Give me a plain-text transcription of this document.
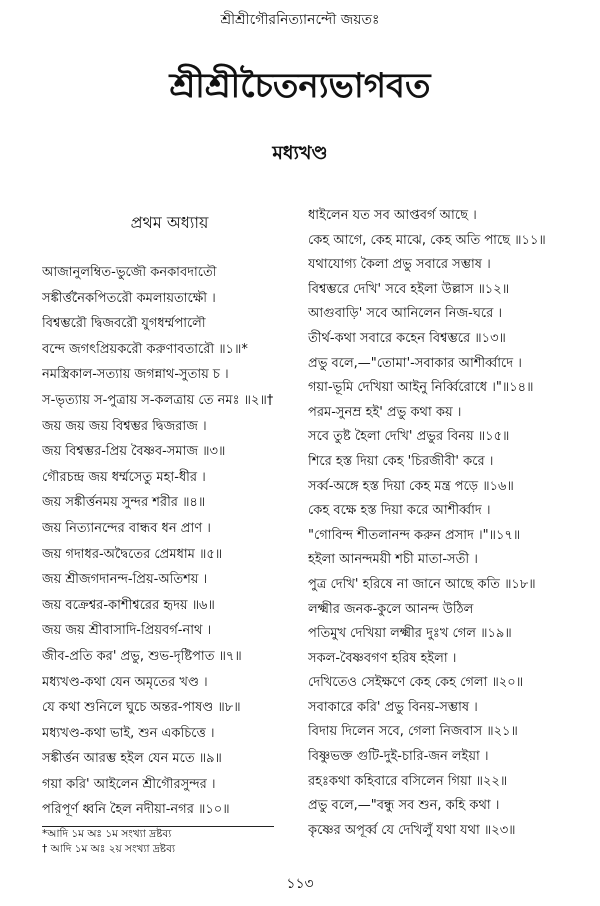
শ্রীশ্রীগৌরনিত্যানন্দৌ জয়তঃ
শ্রীশ্রীচৈতন্যভাগবত
মধ্যখণ্ড
প্রথম অধ্যায়
আজানুলম্বিত-ভুজৌ কনকাবদাতৌ
সঙ্কীর্ত্তনৈকপিতরৌ কমলায়তাক্ষৌ ।
বিশ্বম্ভরৌ দ্বিজবরৌ যুগধর্ম্মপালৌ
বন্দে জগৎপ্রিয়করৌ করুণাবতারৌ ॥১॥*
নমস্ত্রিকাল-সত্যায় জগন্নাথ-সুতায় চ ।
স-ভৃত্যায় স-পুত্রায় স-কলত্রায় তে নমঃ ॥২॥†
জয় জয় জয় বিশ্বম্ভর দ্বিজরাজ ।
জয় বিশ্বম্ভর-প্রিয় বৈষ্ণব-সমাজ ॥৩॥
গৌরচন্দ্র জয় ধর্ম্মসেতু মহা-ধীর ।
জয় সঙ্কীর্ত্তনময় সুন্দর শরীর ॥৪॥
জয় নিত্যানন্দের বান্ধব ধন প্রাণ ।
জয় গদাধর-অদ্বৈতের প্রেমধাম ॥৫॥
জয় শ্রীজগদানন্দ-প্রিয়-অতিশয় ।
জয় বক্রেশ্বর-কাশীশ্বরের হৃদয় ॥৬॥
জয় জয় শ্রীবাসাদি-প্রিয়বর্গ-নাথ ।
জীব-প্রতি কর' প্রভু, শুভ-দৃষ্টিপাত ॥৭॥
মধ্যখণ্ড-কথা যেন অমৃতের খণ্ড ।
যে কথা শুনিলে ঘুচে অন্তর-পাষণ্ড ॥৮॥
মধ্যখণ্ড-কথা ভাই, শুন একচিত্তে ।
সঙ্কীর্ত্তন আরম্ভ হইল যেন মতে ॥৯॥
গয়া করি' আইলেন শ্রীগৌরসুন্দর ।
পরিপূর্ণ ধ্বনি হৈল নদীয়া-নগর ॥১০॥
*আদি ১ম অঃ ১ম সংখ্যা দ্রষ্টব্য
† আদি ১ম অঃ ২য় সংখ্যা দ্রষ্টব্য
ধাইলেন যত সব আপ্তবর্গ আছে ।
কেহ আগে, কেহ মাঝে, কেহ অতি পাছে ॥১১॥
যথাযোগ্য কৈলা প্রভু সবারে সম্ভাষ ।
বিশ্বম্ভরে দেখি' সবে হইলা উল্লাস ॥১২॥
আগুবাড়ি' সবে আনিলেন নিজ-ঘরে ।
তীর্থ-কথা সবারে কহেন বিশ্বম্ভরে ॥১৩॥
প্রভু বলে,—"তোমা'-সবাকার আশীর্ব্বাদে ।
গয়া-ভূমি দেখিয়া আইনু নির্ব্বিরোধে ।"॥১৪॥
পরম-সুনম্র হই' প্রভু কথা কয় ।
সবে তুষ্ট হৈলা দেখি' প্রভুর বিনয় ॥১৫॥
শিরে হস্ত দিয়া কেহ 'চিরজীবী' করে ।
সর্ব্ব-অঙ্গে হস্ত দিয়া কেহ মন্ত্র পড়ে ॥১৬॥
কেহ বক্ষে হস্ত দিয়া করে আশীর্ব্বাদ ।
"গোবিন্দ শীতলানন্দ করুন প্রসাদ ।"॥১৭॥
হইলা আনন্দময়ী শচী মাতা-সতী ।
পুত্র দেখি' হরিষে না জানে আছে কতি ॥১৮॥
লক্ষ্মীর জনক-কুলে আনন্দ উঠিল
পতিমুখ দেখিয়া লক্ষ্মীর দুঃখ গেল ॥১৯॥
সকল-বৈষ্ণবগণ হরিষ হইলা ।
দেখিতেও সেইক্ষণে কেহ কেহ গেলা ॥২০॥
সবাকারে করি' প্রভু বিনয়-সম্ভাষ ।
বিদায় দিলেন সবে, গেলা নিজবাস ॥২১॥
বিষ্ণুভক্ত গুটি-দুই-চারি-জন লইয়া ।
রহঃকথা কহিবারে বসিলেন গিয়া ॥২২॥
প্রভু বলে,—"বন্ধু সব শুন, কহি কথা ।
কৃষ্ণের অপূর্ব্ব যে দেখিলুঁ যথা যথা ॥২৩॥
১১৩
